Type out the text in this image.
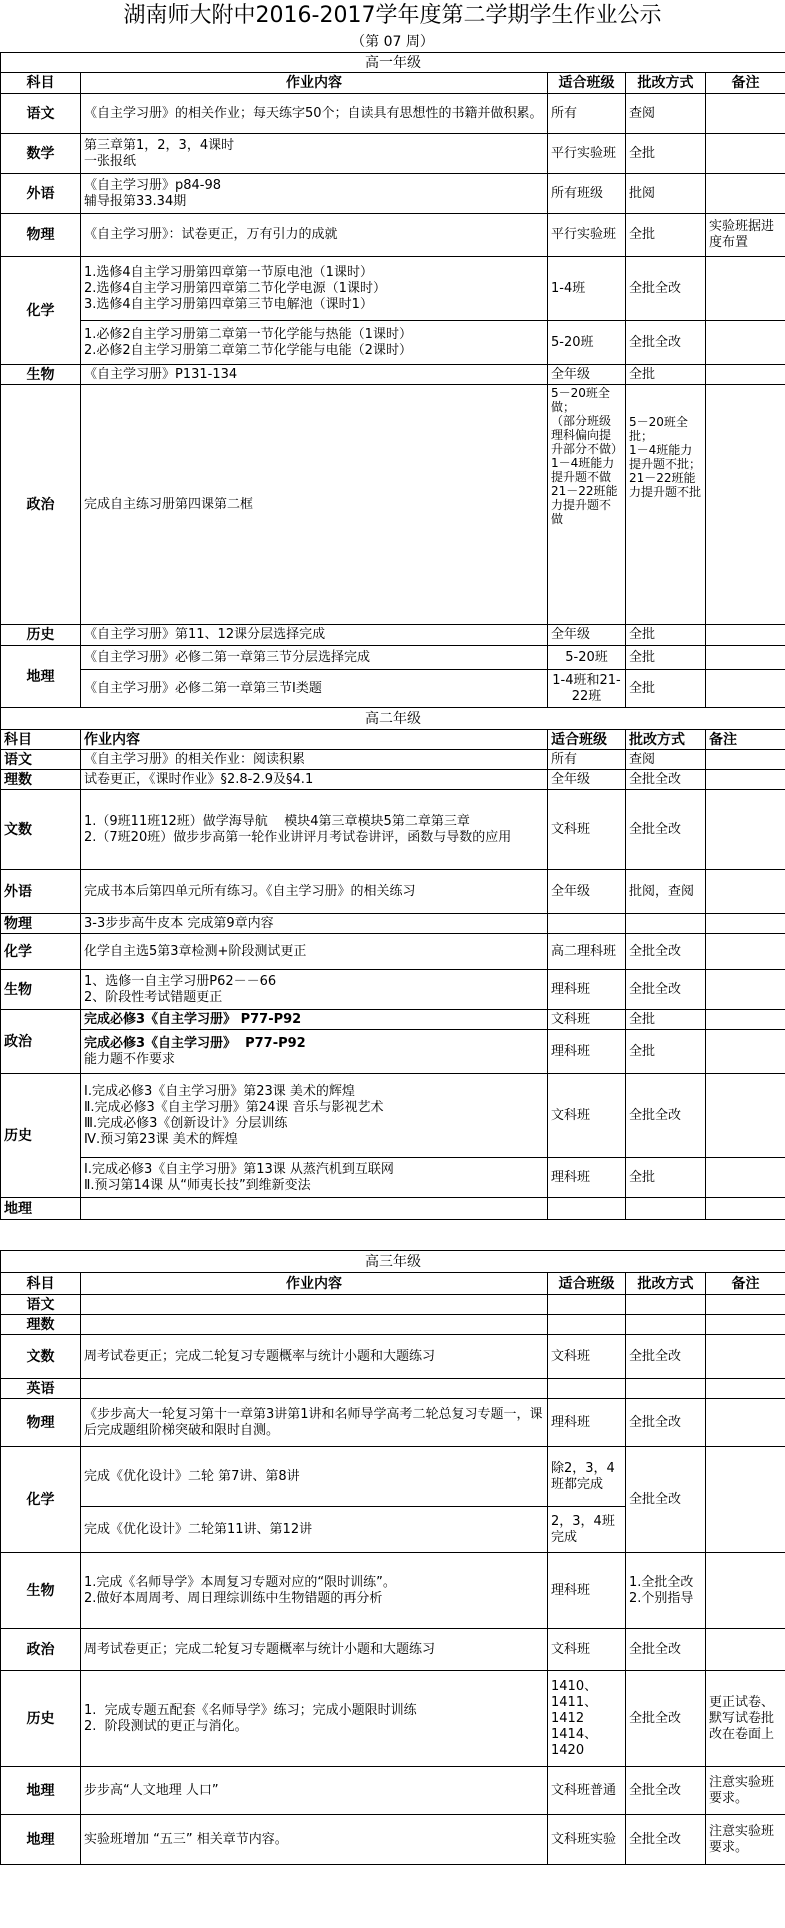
湖南师大附中2016-2017学年度第二学期学生作业公示
（第 07 周）
高一年级				
科目	作业内容	适合班级	批改方式	备注
语文	《自主学习册》的相关作业；每天练字50个；自读具有思想性的书籍并做积累。	所有	查阅	

数学	第三章第1，2，3，4课时
一张报纸	平行实验班	全批	

外语	《自主学习册》p84-98
辅导报第33.34期	所有班级	批阅	

物理	《自主学习册》：试卷更正，万有引力的成就	平行实验班	全批	实验班据进度布置

化学	1.选修4自主学习册第四章第一节原电池（1课时）
2.选修4自主学习册第四章第二节化学电源（1课时）
3.选修4自主学习册第四章第三节电解池（课时1）	1-4班	全批全改	

	1.必修2自主学习册第二章第一节化学能与热能（1课时）
2.必修2自主学习册第二章第二节化学能与电能（2课时）	5-20班	全批全改	

生物	《自主学习册》P131-134	全年级	全批	

政治	完成自主练习册第四课第二框	5－20班全做；
（部分班级理科偏向提升部分不做）
1－4班能力提升题不做
21－22班能力提升题不做	5－20班全批；
1－4班能力提升题不批；
21－22班能力提升题不批	

历史	《自主学习册》第11、12课分层选择完成	全年级	全批	

地理	《自主学习册》必修二第一章第三节分层选择完成	5-20班	全批	

	《自主学习册》必修二第一章第三节Ⅰ类题	1-4班和21-22班	全批	

高二年级				
科目	作业内容	适合班级	批改方式	备注
语文	《自主学习册》的相关作业：阅读积累	所有	查阅	

理数	试卷更正，《课时作业》§2.8-2.9及§4.1	全年级	全批全改	

文数	1.（9班11班12班）做学海导航    模块4第三章模块5第二章第三章
2.（7班20班）做步步高第一轮作业讲评月考试卷讲评，函数与导数的应用	文科班	全批全改	

外语	完成书本后第四单元所有练习。《自主学习册》的相关练习	全年级	批阅，查阅	

物理	3-3步步高牛皮本 完成第9章内容			

化学	化学自主选5第3章检测+阶段测试更正	高二理科班	全批全改	

生物	1、选修一自主学习册P62－－66
2、阶段性考试错题更正	理科班	全批全改	

政治	完成必修3《自主学习册》 P77-P92	文科班	全批	

	完成必修3《自主学习册》  P77-P92
能力题不作要求	理科班	全批	

历史	Ⅰ.完成必修3《自主学习册》第23课 美术的辉煌
Ⅱ.完成必修3《自主学习册》第24课 音乐与影视艺术
Ⅲ.完成必修3《创新设计》分层训练
Ⅳ.预习第23课 美术的辉煌	文科班	全批全改	

	Ⅰ.完成必修3《自主学习册》第13课 从蒸汽机到互联网
Ⅱ.预习第14课 从“师夷长技”到维新变法	理科班	全批	

地理				

高三年级				
科目	作业内容	适合班级	批改方式	备注
语文				
理数				
文数	周考试卷更正；完成二轮复习专题概率与统计小题和大题练习	文科班	全批全改	

英语				
物理	《步步高大一轮复习第十一章第3讲第1讲和名师导学高考二轮总复习专题一，课后完成题组阶梯突破和限时自测。	理科班	全批全改	

化学	完成《优化设计》二轮 第7讲、第8讲	除2，3，4 班都完成	全批全改	

	完成《优化设计》二轮第11讲、第12讲	2，3，4班完成		

生物	1.完成《名师导学》本周复习专题对应的“限时训练”。
2.做好本周周考、周日理综训练中生物错题的再分析	理科班	1.全批全改
2.个别指导	

政治	周考试卷更正；完成二轮复习专题概率与统计小题和大题练习	文科班	全批全改	

历史	1.  完成专题五配套《名师导学》练习；完成小题限时训练
2.  阶段测试的更正与消化。	1410、1411、1412
1414、1420	全批全改	更正试卷、默写试卷批改在卷面上

地理	步步高“人文地理 人口”	文科班普通	全批全改	注意实验班要求。

地理	实验班增加 “五三” 相关章节内容。	文科班实验	全批全改	注意实验班要求。
